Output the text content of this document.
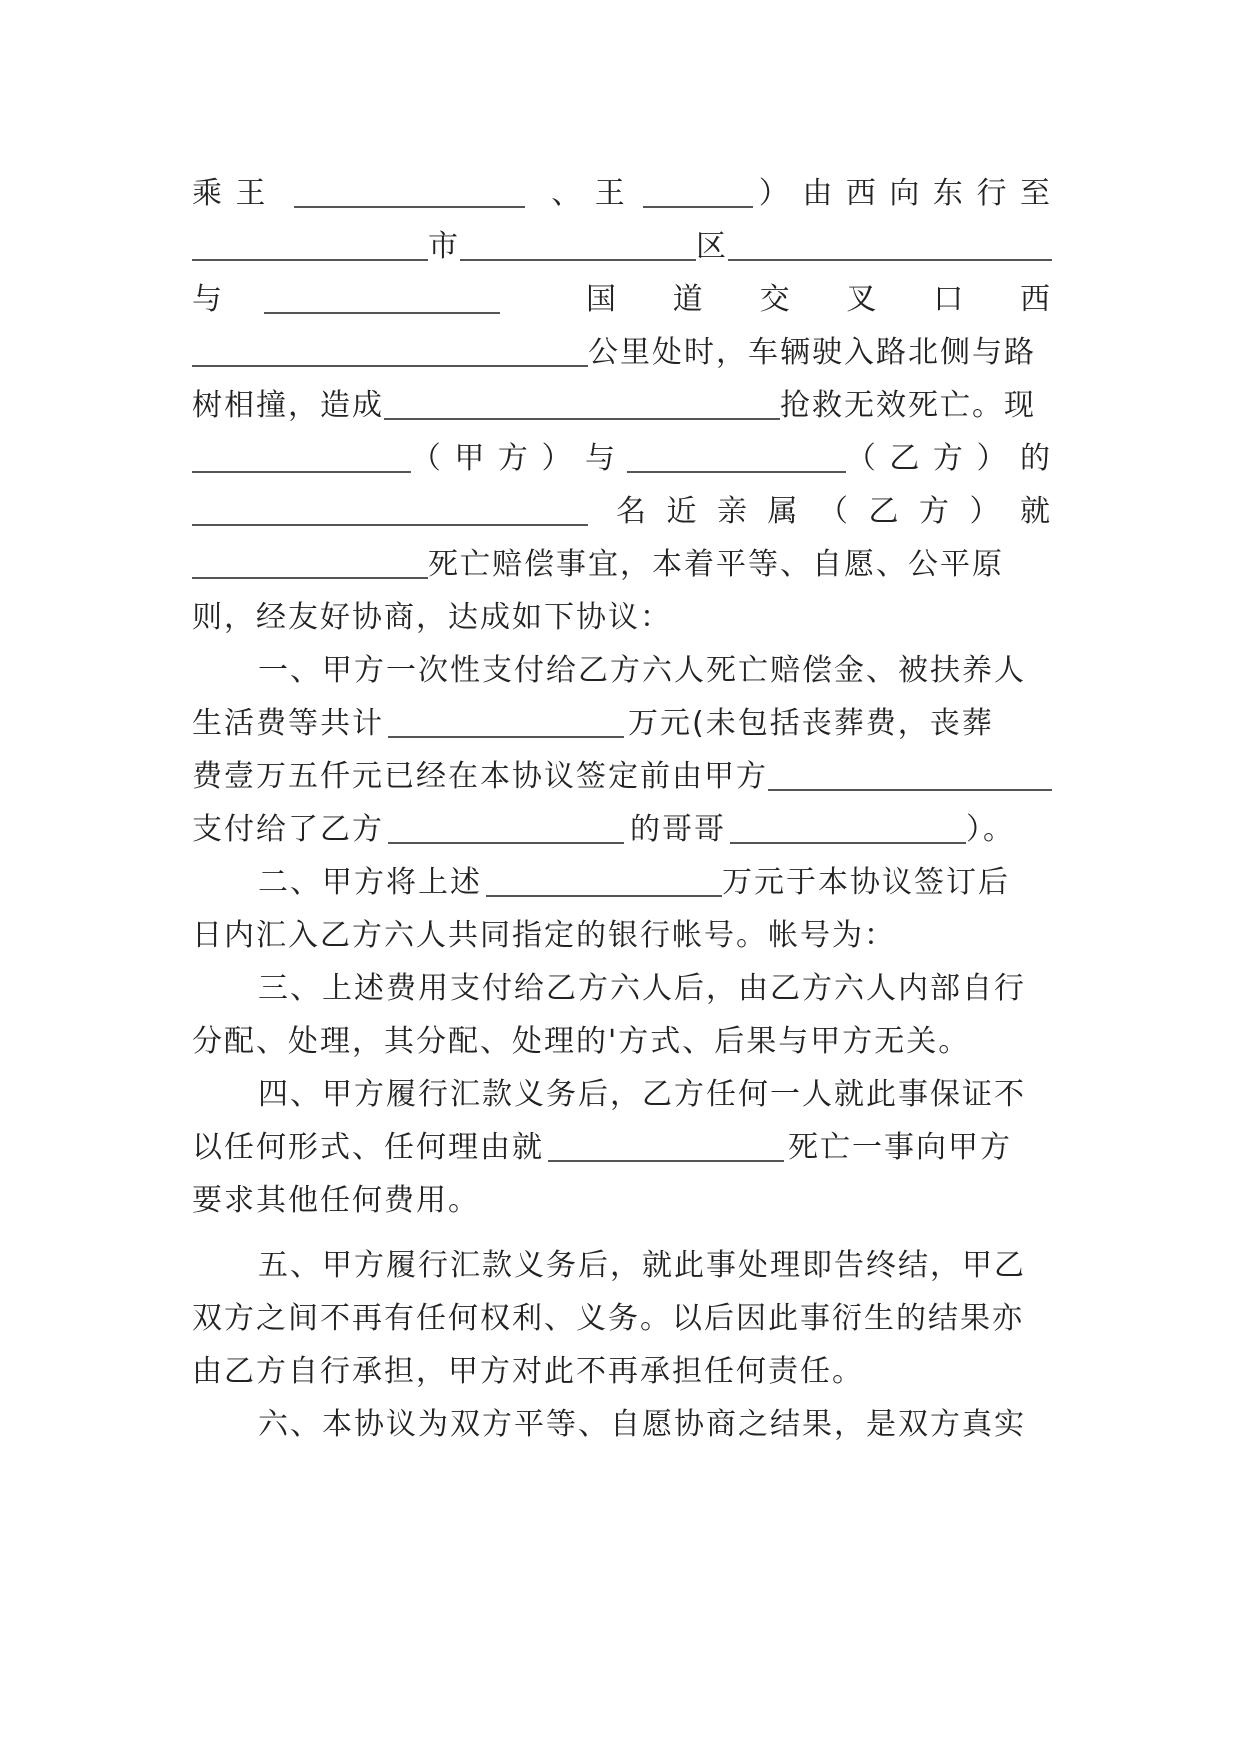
乘 王	、 王	） 由 西 向 东 行 至
市	区
与	国 道 交 叉 口 西
公里处时，车辆驶入路北侧与路
树相撞，造成	抢救无效死亡。现
（ 甲 方 ） 与	（ 乙 方 ） 的
名 近 亲 属 （ 乙 方 ） 就
死亡赔偿事宜，本着平等、自愿、公平原
则，经友好协商，达成如下协议：
一、甲方一次性支付给乙方六人死亡赔偿金、被扶养人
生活费等共计	万元(未包括丧葬费，丧葬
费壹万五仟元已经在本协议签定前由甲方
支付给了乙方	的哥哥	）。
二、甲方将上述	万元于本协议签订后
日内汇入乙方六人共同指定的银行帐号。帐号为：
三、上述费用支付给乙方六人后，由乙方六人内部自行
分配、处理，其分配、处理的'方式、后果与甲方无关。
四、甲方履行汇款义务后，乙方任何一人就此事保证不
以任何形式、任何理由就	死亡一事向甲方
要求其他任何费用。
五、甲方履行汇款义务后，就此事处理即告终结，甲乙
双方之间不再有任何权利、义务。以后因此事衍生的结果亦
由乙方自行承担，甲方对此不再承担任何责任。
六、本协议为双方平等、自愿协商之结果，是双方真实
